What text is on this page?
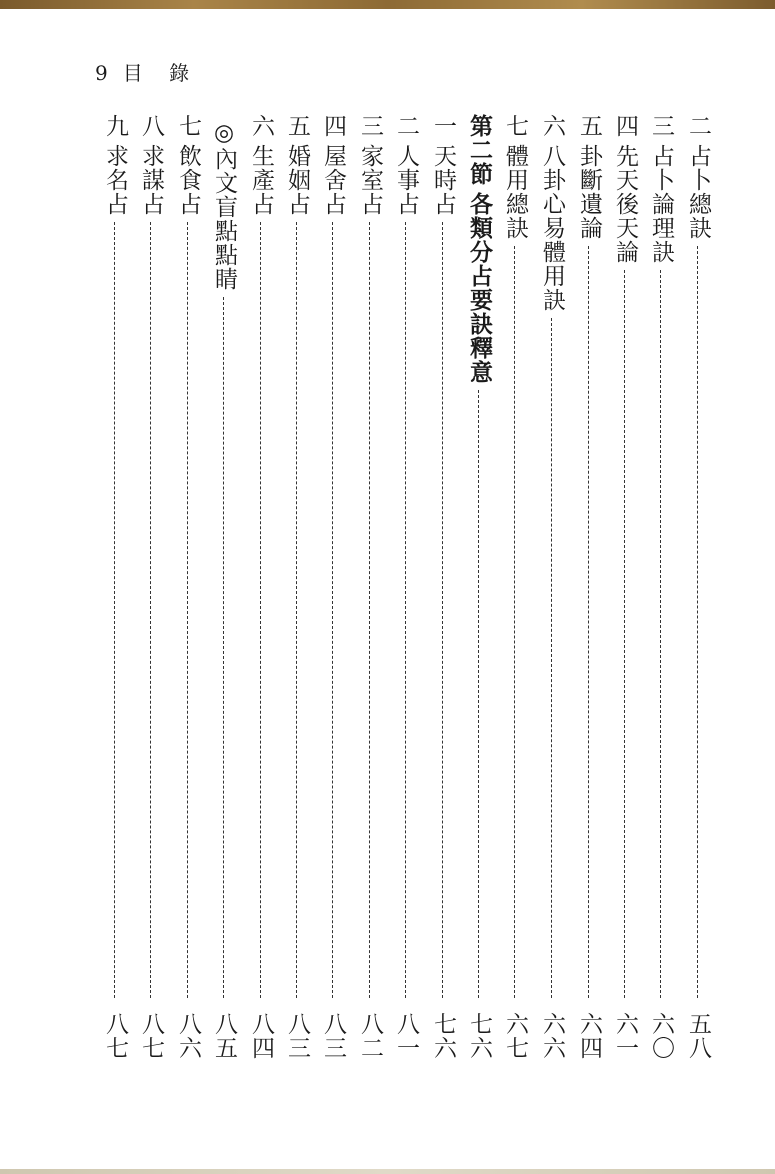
9 目 錄
二占卜總訣
五八
三占卜論理訣
六〇
四先天後天論
六一
五卦斷遺論
六四
六八卦心易體用訣
六六
七體用總訣
六七
第二節各類分占要訣釋意
七六
一天時占
七六
二人事占
八一
三家室占
八二
四屋舍占
八三
五婚姻占
八三
六生產占
八四
◎內文盲點點睛
八五
七飲食占
八六
八求謀占
八七
九求名占
八七
